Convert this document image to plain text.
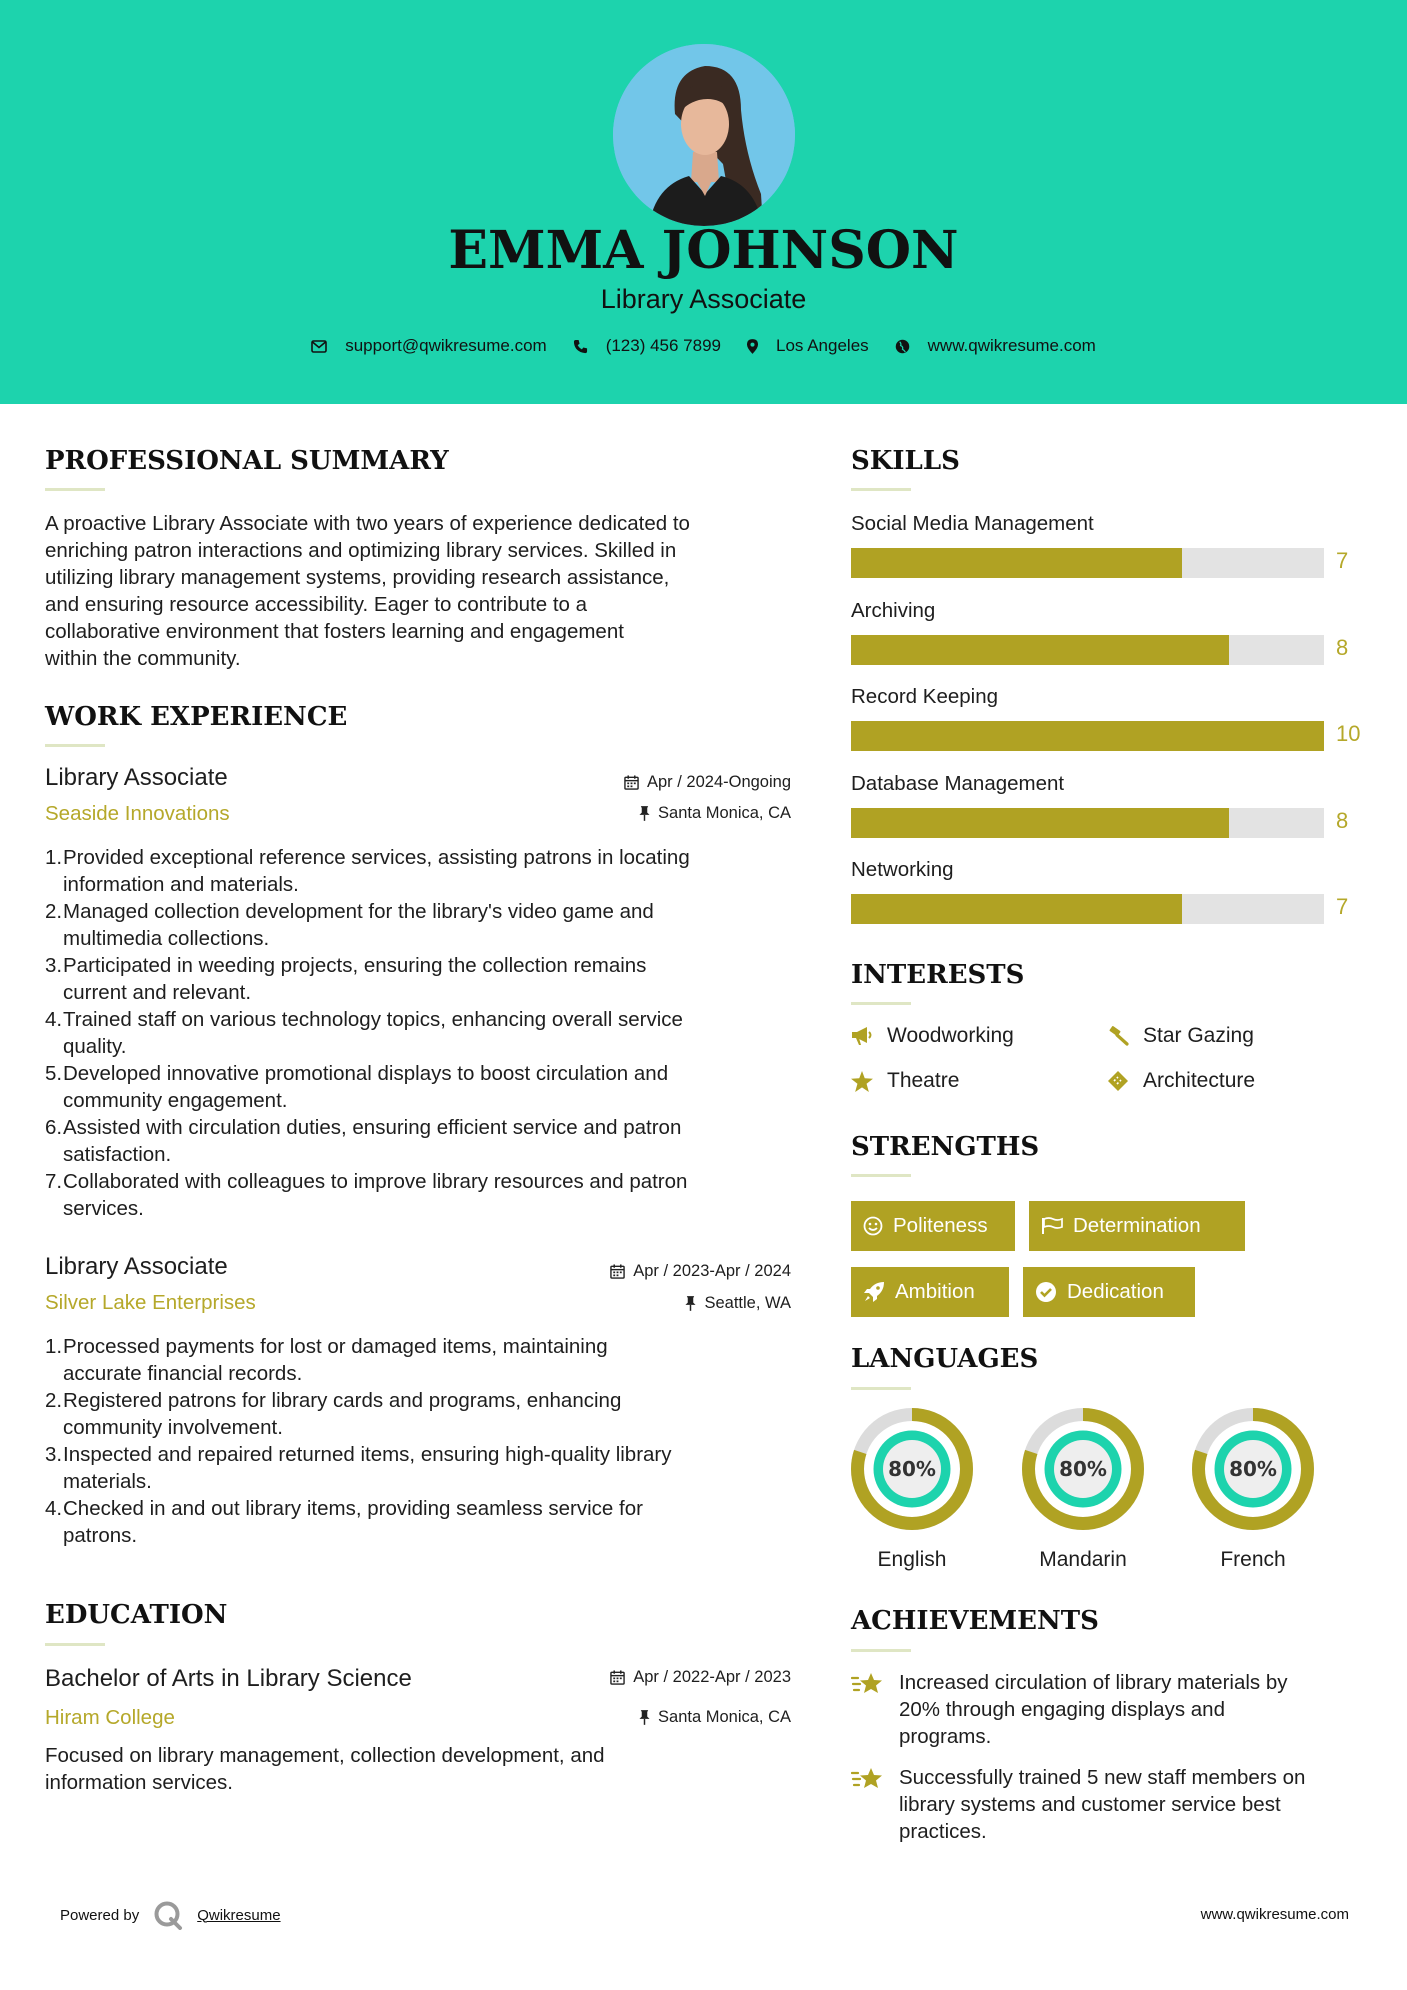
EMMA JOHNSON
Library Associate
support@qwikresume.com	(123) 456 7899	Los Angeles	www.qwikresume.com
PROFESSIONAL SUMMARY
A proactive Library Associate with two years of experience dedicated to
enriching patron interactions and optimizing library services. Skilled in
utilizing library management systems, providing research assistance,
and ensuring resource accessibility. Eager to contribute to a
collaborative environment that fosters learning and engagement
within the community.
WORK EXPERIENCE
Library Associate	Apr / 2024-Ongoing
Seaside Innovations	Santa Monica, CA
1. Provided exceptional reference services, assisting patrons in locating
information and materials.
2. Managed collection development for the library's video game and
multimedia collections.
3. Participated in weeding projects, ensuring the collection remains
current and relevant.
4. Trained staff on various technology topics, enhancing overall service
quality.
5. Developed innovative promotional displays to boost circulation and
community engagement.
6. Assisted with circulation duties, ensuring efficient service and patron
satisfaction.
7. Collaborated with colleagues to improve library resources and patron
services.
Library Associate	Apr / 2023-Apr / 2024
Silver Lake Enterprises	Seattle, WA
1. Processed payments for lost or damaged items, maintaining
accurate financial records.
2. Registered patrons for library cards and programs, enhancing
community involvement.
3. Inspected and repaired returned items, ensuring high-quality library
materials.
4. Checked in and out library items, providing seamless service for
patrons.
EDUCATION
Bachelor of Arts in Library Science	Apr / 2022-Apr / 2023
Hiram College	Santa Monica, CA
Focused on library management, collection development, and
information services.
SKILLS
Social Media Management
7
Archiving
8
Record Keeping
10
Database Management
8
Networking
7
INTERESTS
Woodworking	Star Gazing
Theatre	Architecture
STRENGTHS
Politeness	Determination
Ambition	Dedication
LANGUAGES
80%
English
80%
Mandarin
80%
French
ACHIEVEMENTS
Increased circulation of library materials by
20% through engaging displays and
programs.
Successfully trained 5 new staff members on
library systems and customer service best
practices.
Powered by	Qwikresume	www.qwikresume.com
